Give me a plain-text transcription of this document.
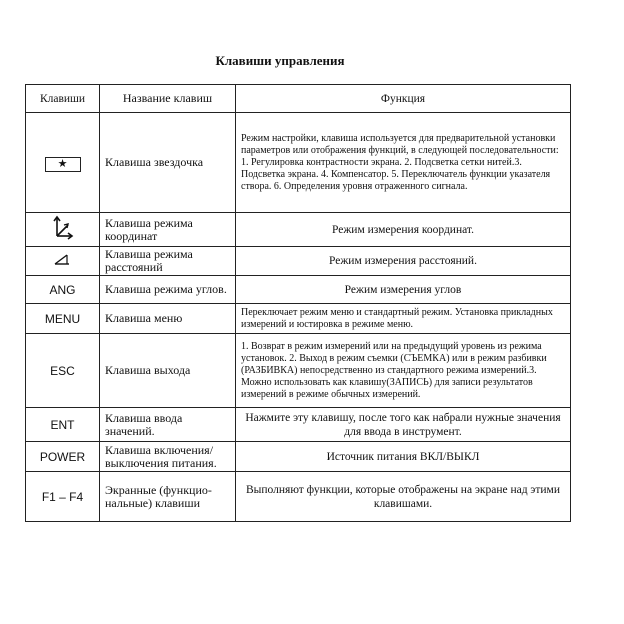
Клавиши управления
Клавиши	Название клавиш	Функция
★	Клавиша звездочка	Режим настройки, клавиша используется для предварительной установки параметров или отображения функций, в следующей последовательности: 1. Регулировка контрастности экрана. 2. Подсветка сетки нитей.3. Подсветка экрана. 4. Компенсатор. 5. Переключатель функции указателя створа. 6. Определения уровня отраженного сигнала.
	Клавиша режима координат	Режим измерения координат.
	Клавиша режима расстояний	Режим измерения расстояний.
ANG	Клавиша режима углов.	Режим измерения углов
MENU	Клавиша меню	Переключает режим меню и стандартный режим. Установка прикладных измерений и юстировка в режиме меню.
ESC	Клавиша выхода	1. Возврат в режим измерений или на предыдущий уровень из режима установок. 2. Выход в режим съемки (СЪЕМКА) или в режим разбивки (РАЗБИВКА) непосредственно из стандартного режима измерений.3. Можно использовать как клавишу(ЗАПИСЬ) для записи результатов измерений в режиме обычных измерений.
ENT	Клавиша ввода значений.	Нажмите эту клавишу, после того как набрали нужные значения для ввода в инструмент.
POWER	Клавиша включения/ выключения питания.	Источник питания ВКЛ/ВЫКЛ
F1 – F4	Экранные (функцио-нальные) клавиши	Выполняют функции, которые отображены на экране над этими клавишами.
